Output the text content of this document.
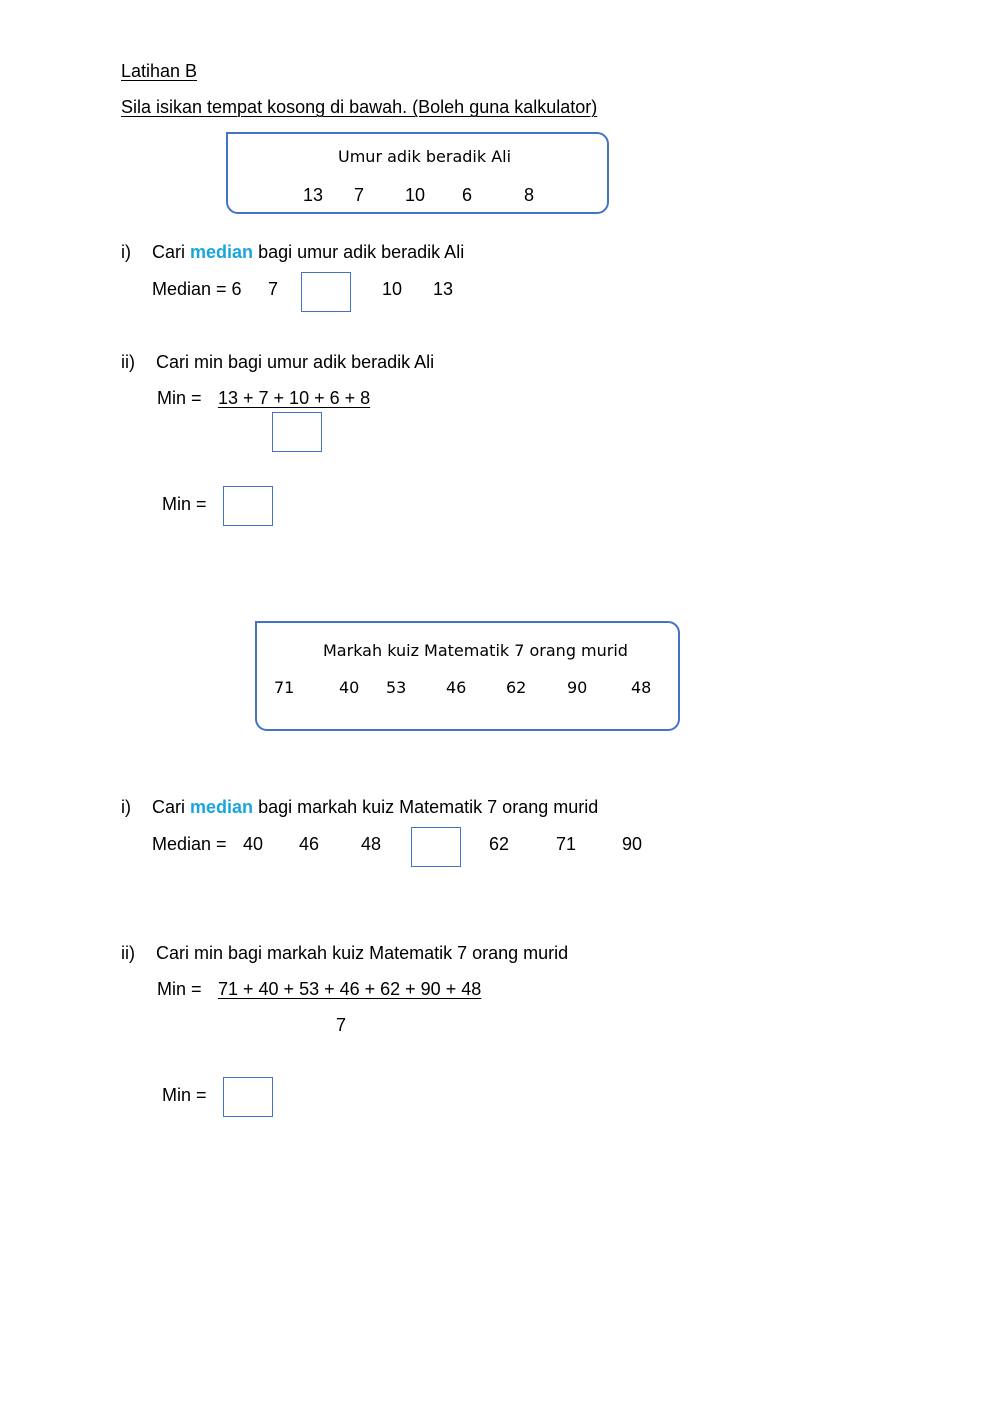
Latihan B
Sila isikan tempat kosong di bawah. (Boleh guna kalkulator)
Umur adik beradik Ali
13 7 10 6	8
i) Cari median bagi umur adik beradik Ali
Median = 6 7	10 13
ii) Cari min bagi umur adik beradik Ali
Min = 13 + 7 + 10 + 6 + 8
Min =
Markah kuiz Matematik 7 orang murid
71	40 53 46 62	90	48
i) Cari median bagi markah kuiz Matematik 7 orang murid
Median = 40 46 48	62	71	90
ii) Cari min bagi markah kuiz Matematik 7 orang murid
Min = 71 + 40 + 53 + 46 + 62 + 90 + 48
7
Min =
